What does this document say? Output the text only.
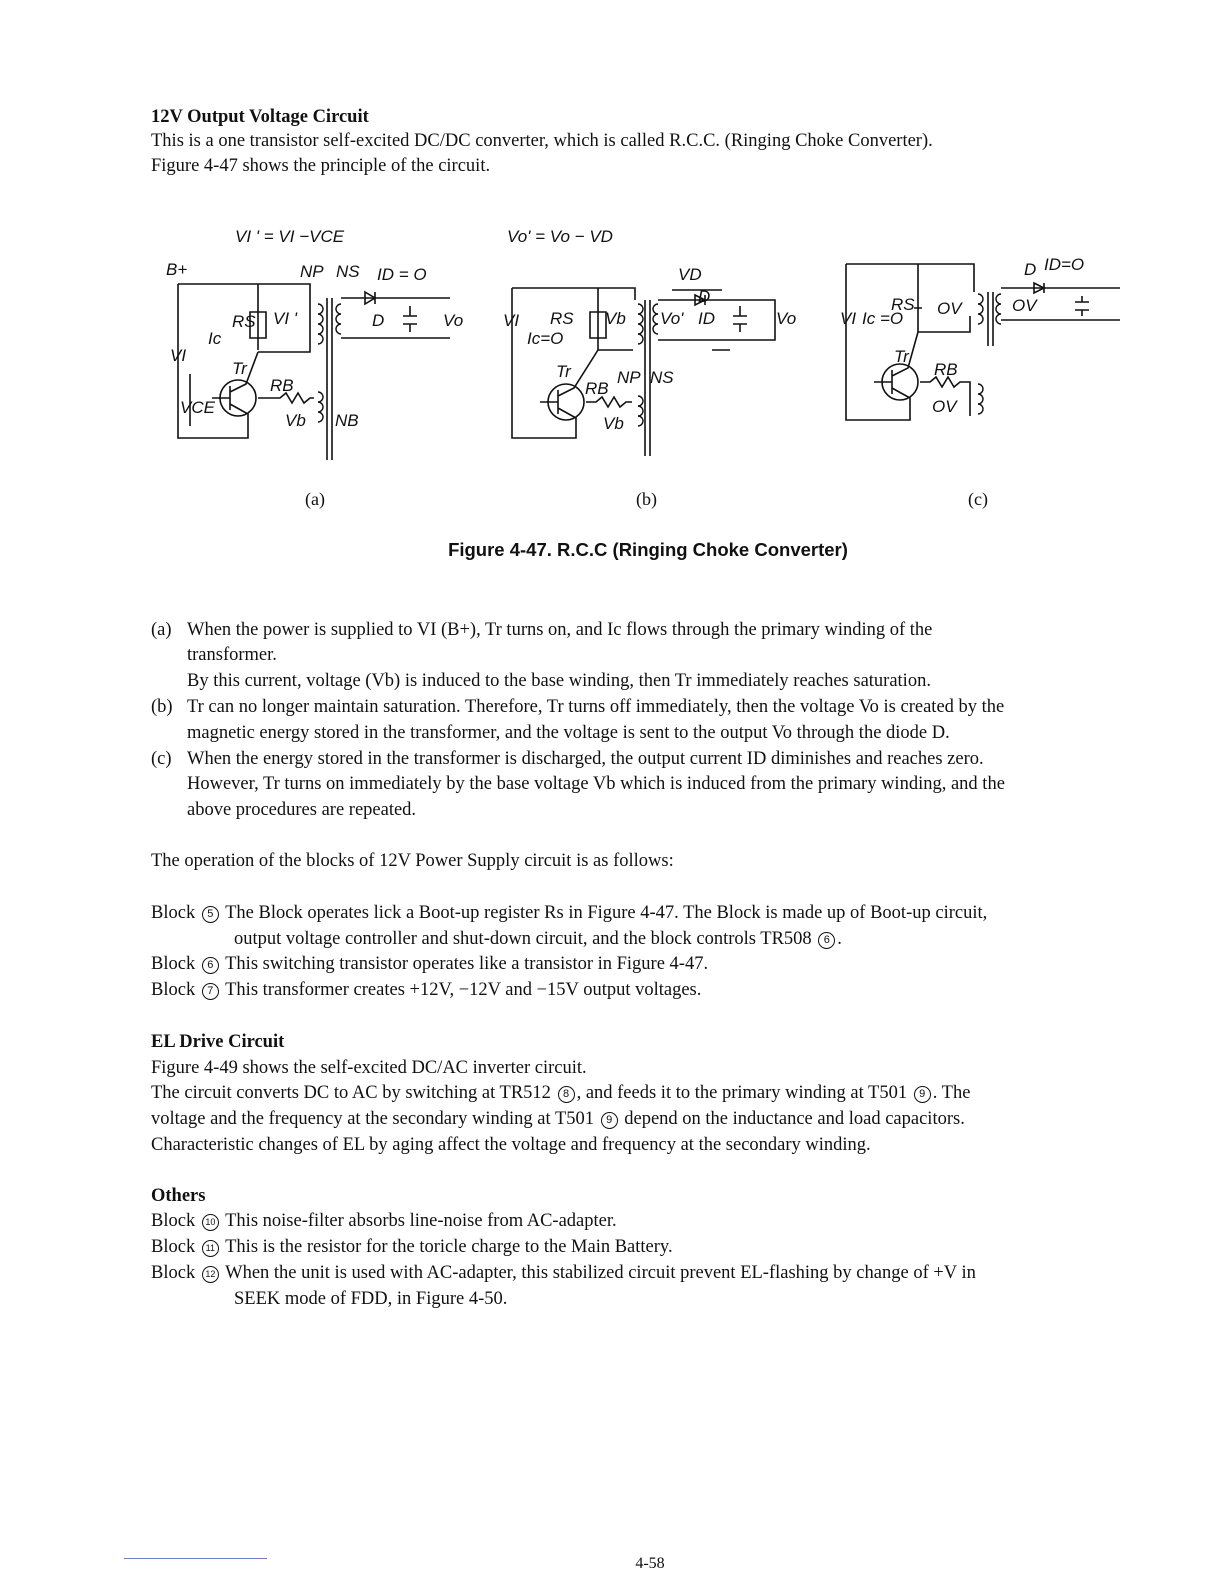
12V Output Voltage Circuit
This is a one transistor self-excited DC/DC converter, which is called R.C.C. (Ringing Choke Converter).
Figure 4-47 shows the principle of the circuit.
VI ' = VI −VCE
B+	NP NS ID = O
RS VI '
Ic
D	Vo
VI
Tr
RB
VCE
Vb NB
Vo' = Vo − VD
VD
D
VI RS Vb Vo' ID	Vo
Ic=O
Tr	NP NS
RB
Vb
D ID=O
RS OV	OV
VI Ic =O
Tr
RB
OV
(a)	(b)	(c)
Figure 4-47. R.C.C (Ringing Choke Converter)
(a) When the power is supplied to VI (B+), Tr turns on, and Ic flows through the primary winding of the
transformer.
By this current, voltage (Vb) is induced to the base winding, then Tr immediately reaches saturation.
(b) Tr can no longer maintain saturation. Therefore, Tr turns off immediately, then the voltage Vo is created by the
magnetic energy stored in the transformer, and the voltage is sent to the output Vo through the diode D.
(c) When the energy stored in the transformer is discharged, the output current ID diminishes and reaches zero.
However, Tr turns on immediately by the base voltage Vb which is induced from the primary winding, and the
above procedures are repeated.
The operation of the blocks of 12V Power Supply circuit is as follows:
Block 5 The Block operates lick a Boot-up register Rs in Figure 4-47. The Block is made up of Boot-up circuit,
output voltage controller and shut-down circuit, and the block controls TR508 6 .
Block 6 This switching transistor operates like a transistor in Figure 4-47.
Block 7 This transformer creates +12V, −12V and −15V output voltages.
EL Drive Circuit
Figure 4-49 shows the self-excited DC/AC inverter circuit.
The circuit converts DC to AC by switching at TR512 8 , and feeds it to the primary winding at T501 9 . The
voltage and the frequency at the secondary winding at T501 9 depend on the inductance and load capacitors.
Characteristic changes of EL by aging affect the voltage and frequency at the secondary winding.
Others
Block 10 This noise-filter absorbs line-noise from AC-adapter.
Block 11 This is the resistor for the toricle charge to the Main Battery.
Block 12 When the unit is used with AC-adapter, this stabilized circuit prevent EL-flashing by change of +V in
SEEK mode of FDD, in Figure 4-50.
4-58
